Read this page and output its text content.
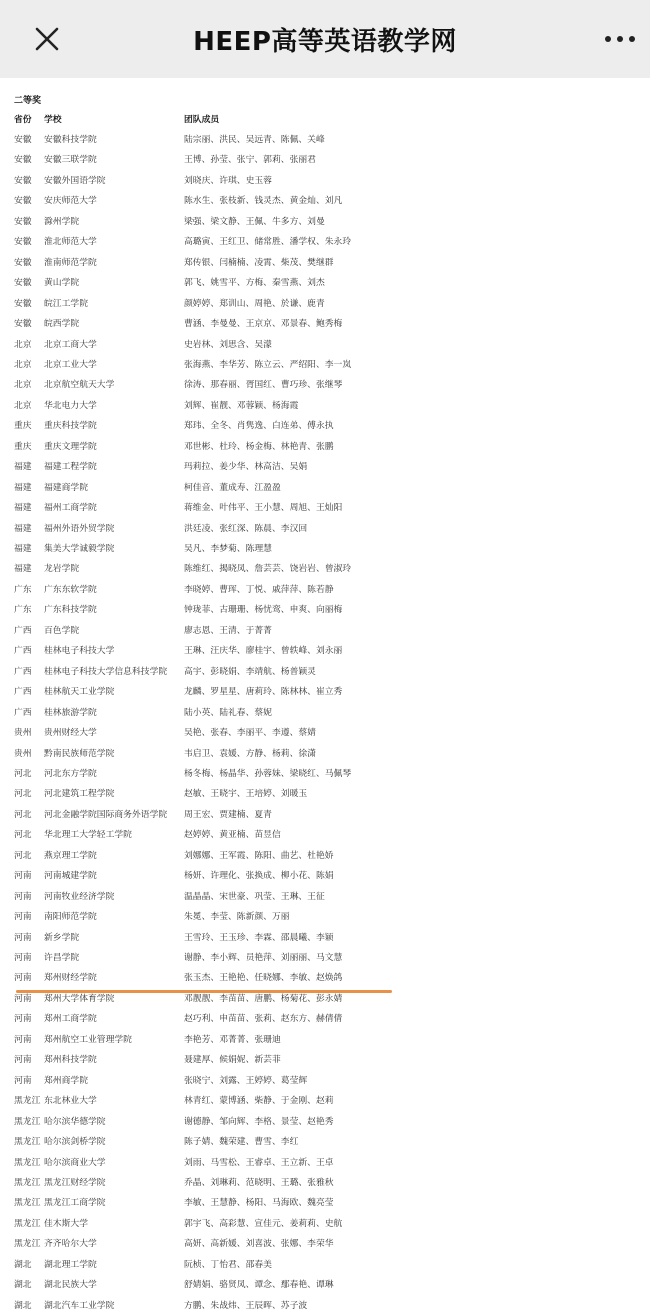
HEEP高等英语教学网
二等奖
省份 学校	团队成员
安徽 安徽科技学院	陆宗丽、洪民、吴远青、陈佩、关峰
安徽 安徽三联学院	王博、孙莹、张宁、郭莉、张丽君
安徽 安徽外国语学院	刘晓庆、许琪、史玉蓉
安徽 安庆师范大学	陈水生、张枝新、钱灵杰、黄金灿、刘凡
安徽 滁州学院	梁强、梁文静、王佩、牛多方、刘曼
安徽 淮北师范大学	高璐寅、王红卫、储常胜、潘学权、朱永玲
安徽 淮南师范学院	郑传银、闫楠楠、凌霄、柴茂、樊继群
安徽 黄山学院	郭飞、姚雪平、方梅、秦雪燕、刘杰
安徽 皖江工学院	颜婷婷、郑训山、周艳、於谦、鹿青
安徽 皖西学院	曹涵、李曼曼、王京京、邓景春、鲍秀梅
北京 北京工商大学	史岩林、刘思含、吴濛
北京 北京工业大学	张海燕、李华芳、陈立云、严绍阳、李一岚
北京 北京航空航天大学	徐涛、那春丽、胥国红、曹巧珍、张继琴
北京 华北电力大学	刘辉、崔靓、邓蓉颖、杨海霞
重庆 重庆科技学院	郑玮、全冬、肖隽逸、白连弟、傅永执
重庆 重庆文理学院	邓世彬、杜玲、杨金梅、林艳青、张鹏
福建 福建工程学院	玛莉拉、姜少华、林高洁、吴娟
福建 福建商学院	柯佳音、董成寿、江盈盈
福建 福州工商学院	蒋维金、叶伟平、王小慧、周旭、王灿阳
福建 福州外语外贸学院	洪廷凌、张红深、陈晨、李汉回
福建 集美大学诚毅学院	吴凡、李梦菊、陈理慧
福建 龙岩学院	陈维红、揭晓凤、詹芸芸、饶岩岩、曾淑玲
广东 广东东软学院	李晓婷、曹珲、丁悦、戚萍萍、陈若静
广东 广东科技学院	钟珑菲、古珊珊、杨忧鸾、申爽、向丽梅
广西 百色学院	廖志恩、王清、于菁菁
广西 桂林电子科技大学	王琳、汪庆华、廖桂宇、曾轶峰、刘永丽
广西 桂林电子科技大学信息科技学院 高宇、彭晓娟、李靖航、杨普颖灵
广西 桂林航天工业学院	龙麟、罗星星、唐莉玲、陈林林、崔立秀
广西 桂林旅游学院	陆小英、陆礼春、蔡妮
贵州 贵州财经大学	吴艳、张春、李丽平、李遵、蔡婧
贵州 黔南民族师范学院	韦启卫、袁媛、方静、杨莉、徐潇
河北 河北东方学院	杨冬梅、杨晶华、孙蓉妹、梁晓红、马佩琴
河北 河北建筑工程学院	赵敏、王晓宇、王培婷、刘暖玉
河北 河北金融学院国际商务外语学院 周王宏、贾建楠、夏青
河北 华北理工大学轻工学院	赵婷婷、黄亚楠、苗昱信
河北 燕京理工学院	刘娜娜、王军霞、陈阳、曲艺、杜艳娇
河南 河南城建学院	杨妍、许理化、张换成、柳小花、陈娟
河南 河南牧业经济学院	温晶晶、宋世豪、巩莹、王琳、王征
河南 南阳师范学院	朱冕、李莹、陈新颜、万丽
河南 新乡学院	王雪玲、王玉珍、李霖、邵晨曦、李颖
河南 许昌学院	谢静、李小辉、员艳萍、刘丽丽、马文慧
河南 郑州财经学院	张玉杰、王艳艳、任晓娜、李敏、赵焕鸽
河南 郑州大学体育学院	邓靓靓、李苗苗、唐鹏、杨菊花、彭永婧
河南 郑州工商学院	赵巧利、申苗苗、张莉、赵东方、赫倩倩
河南 郑州航空工业管理学院	李艳芳、邓菁菁、张珊迪
河南 郑州科技学院	聂建厚、候娟妮、新芸菲
河南 郑州商学院	张晓宁、刘露、王婷婷、葛莹辉
黑龙江 东北林业大学	林青红、蒙博涵、柴静、于金刚、赵莉
黑龙江 哈尔滨华德学院	谢德静、邹向辉、李格、景莹、赵艳秀
黑龙江 哈尔滨剑桥学院	陈子婧、魏荣建、曹雪、李红
黑龙江 哈尔滨商业大学	刘雨、马雪松、王睿卓、王立新、王卓
黑龙江 黑龙江财经学院	乔晶、刘琳莉、范晓明、王璐、张雅秋
黑龙江 黑龙江工商学院	李敏、王慧静、杨阳、马海欧、魏亮莹
黑龙江 佳木斯大学	郭宇飞、高彩慧、宣佳元、姜莉莉、史航
黑龙江 齐齐哈尔大学	高妍、高新媛、刘喜波、张娜、李荣华
湖北 湖北理工学院	阮桢、丁怡君、邵春美
湖北 湖北民族大学	舒婧娟、骆贤凤、谭念、鄢春艳、谭琳
湖北 湖北汽车工业学院	方鹏、朱战炜、王辰晖、苏子波
